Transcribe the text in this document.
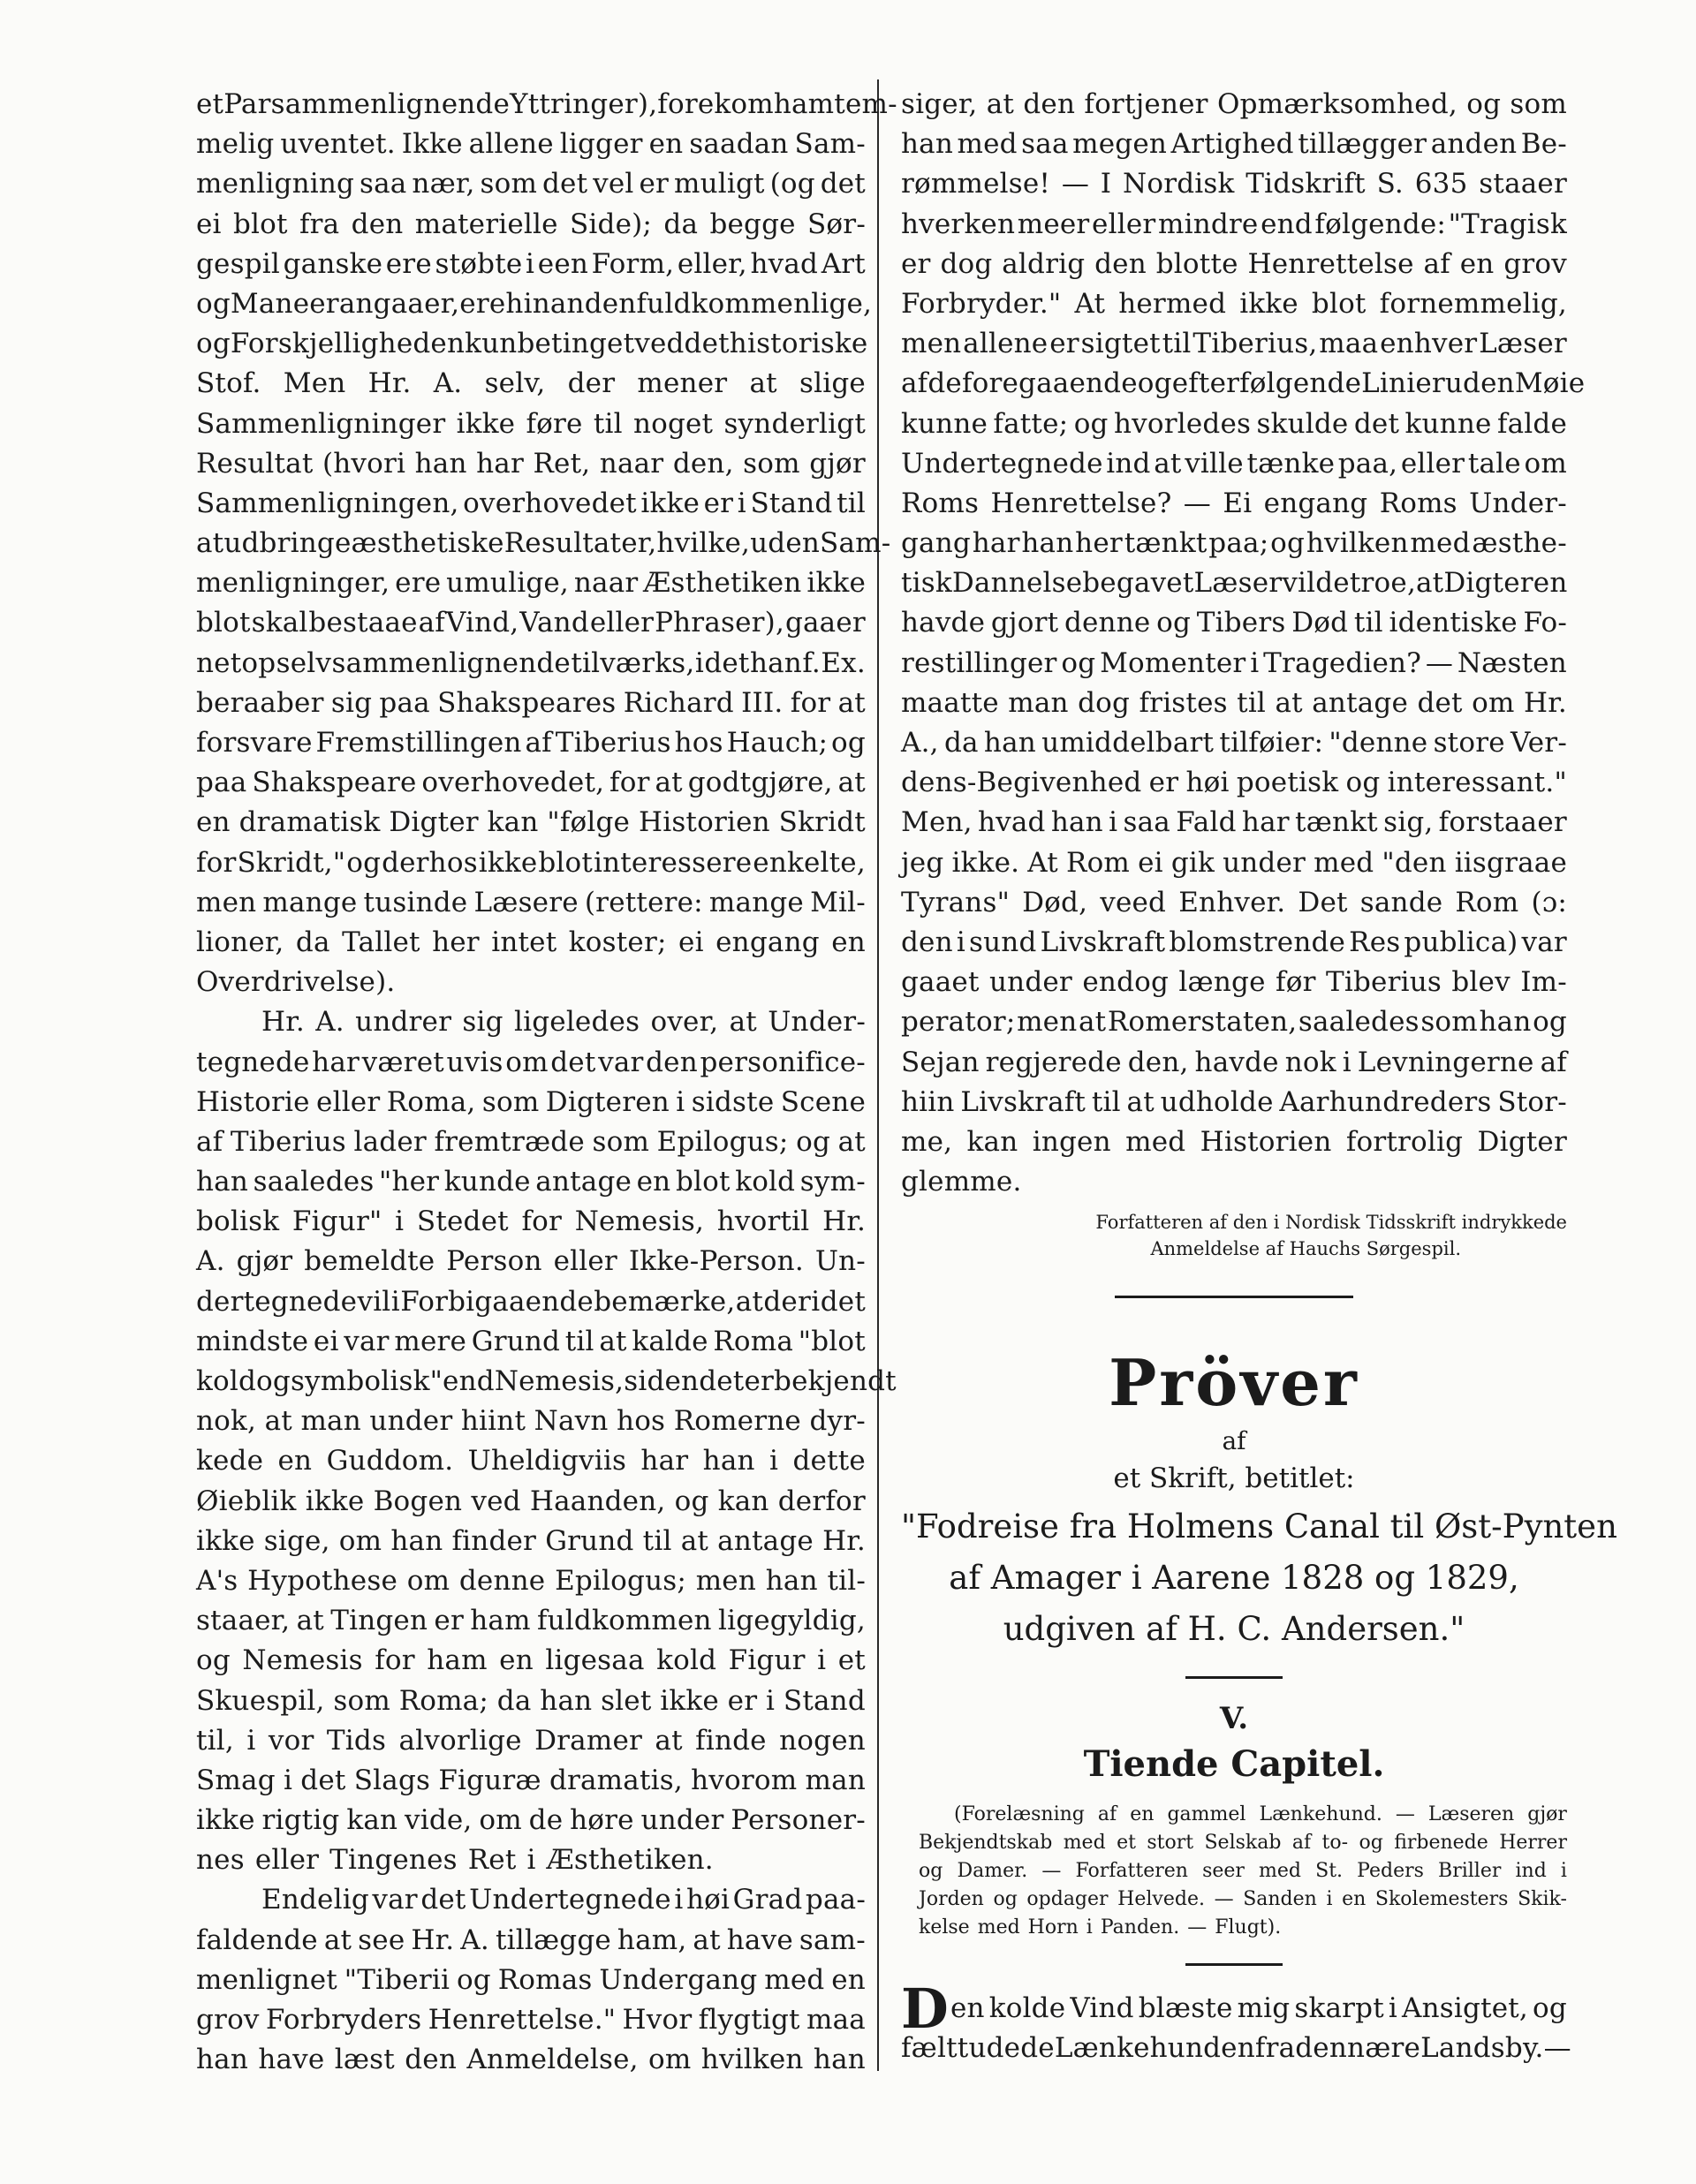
et Par sammenlignende Yttringer), forekom ham tem-
melig uventet. Ikke allene ligger en saadan Sam-
menligning saa nær, som det vel er muligt (og det
ei blot fra den materielle Side); da begge Sør-
gespil ganske ere støbte i een Form, eller, hvad Art
og Maneer angaaer, ere hinanden fuldkommen lige,
og Forskjelligheden kun betinget ved det historiske
Stof. Men Hr. A. selv, der mener at slige
Sammenligninger ikke føre til noget synderligt
Resultat (hvori han har Ret, naar den, som gjør
Sammenligningen, overhovedet ikke er i Stand til
at udbringe æsthetiske Resultater, hvilke, uden Sam-
menligninger, ere umulige, naar Æsthetiken ikke
blot skal bestaae af Vind, Vand eller Phraser), gaaer
netop selv sammenlignende tilværks, i det han f. Ex.
beraaber sig paa Shakspeares Richard III. for at
forsvare Fremstillingen af Tiberius hos Hauch; og
paa Shakspeare overhovedet, for at godtgjøre, at
en dramatisk Digter kan "følge Historien Skridt
for Skridt," og derhos ikke blot interessere enkelte,
men mange tusinde Læsere (rettere: mange Mil-
lioner, da Tallet her intet koster; ei engang en
Overdrivelse).
Hr. A. undrer sig ligeledes over, at Under-
tegnede har været uvis om det var den personifice-
Historie eller Roma, som Digteren i sidste Scene
af Tiberius lader fremtræde som Epilogus; og at
han saaledes "her kunde antage en blot kold sym-
bolisk Figur" i Stedet for Nemesis, hvortil Hr.
A. gjør bemeldte Person eller Ikke-Person. Un-
dertegnede vil i Forbigaaende bemærke, at der i det
mindste ei var mere Grund til at kalde Roma "blot
kold og symbolisk" end Nemesis, siden det er bekjendt
nok, at man under hiint Navn hos Romerne dyr-
kede en Guddom. Uheldigviis har han i dette
Øieblik ikke Bogen ved Haanden, og kan derfor
ikke sige, om han finder Grund til at antage Hr.
A's Hypothese om denne Epilogus; men han til-
staaer, at Tingen er ham fuldkommen ligegyldig,
og Nemesis for ham en ligesaa kold Figur i et
Skuespil, som Roma; da han slet ikke er i Stand
til, i vor Tids alvorlige Dramer at finde nogen
Smag i det Slags Figuræ dramatis, hvorom man
ikke rigtig kan vide, om de høre under Personer-
nes eller Tingenes Ret i Æsthetiken.
Endelig var det Undertegnede i høi Grad paa-
faldende at see Hr. A. tillægge ham, at have sam-
menlignet "Tiberii og Romas Undergang med en
grov Forbryders Henrettelse." Hvor flygtigt maa
han have læst den Anmeldelse, om hvilken han
siger, at den fortjener Opmærksomhed, og som
han med saa megen Artighed tillægger anden Be-
rømmelse! — I Nordisk Tidskrift S. 635 staaer
hverken meer eller mindre end følgende: "Tragisk
er dog aldrig den blotte Henrettelse af en grov
Forbryder." At hermed ikke blot fornemmelig,
men allene er sigtet til Tiberius, maa enhver Læser
af de foregaaende og efterfølgende Linier uden Møie
kunne fatte; og hvorledes skulde det kunne falde
Undertegnede ind at ville tænke paa, eller tale om
Roms Henrettelse? — Ei engang Roms Under-
gang har han her tænkt paa; og hvilken med æsthe-
tisk Dannelse begavet Læser vilde troe, at Digteren
havde gjort denne og Tibers Død til identiske Fo-
restillinger og Momenter i Tragedien? — Næsten
maatte man dog fristes til at antage det om Hr.
A., da han umiddelbart tilføier: "denne store Ver-
dens-Begivenhed er høi poetisk og interessant."
Men, hvad han i saa Fald har tænkt sig, forstaaer
jeg ikke. At Rom ei gik under med "den iisgraae
Tyrans" Død, veed Enhver. Det sande Rom (ɔ:
den i sund Livskraft blomstrende Res publica) var
gaaet under endog længe før Tiberius blev Im-
perator; men at Romerstaten, saaledes som han og
Sejan regjerede den, havde nok i Levningerne af
hiin Livskraft til at udholde Aarhundreders Stor-
me, kan ingen med Historien fortrolig Digter
glemme.
Forfatteren af den i Nordisk Tidsskrift indrykkede
Anmeldelse af Hauchs Sørgespil.
Pröver
af
et Skrift, betitlet:
"Fodreise fra Holmens Canal til Øst-Pynten
af Amager i Aarene 1828 og 1829,
udgiven af H. C. Andersen."
V.
Tiende Capitel.
(Forelæsning af en gammel Lænkehund. — Læseren gjør
Bekjendtskab med et stort Selskab af to- og firbenede Herrer
og Damer. — Forfatteren seer med St. Peders Briller ind i
Jorden og opdager Helvede. — Sanden i en Skolemesters Skik-
kelse med Horn i Panden. — Flugt).
D en kolde Vind blæste mig skarpt i Ansigtet, og
fælt tudede Lænkehunden fra den nære Landsby.—
